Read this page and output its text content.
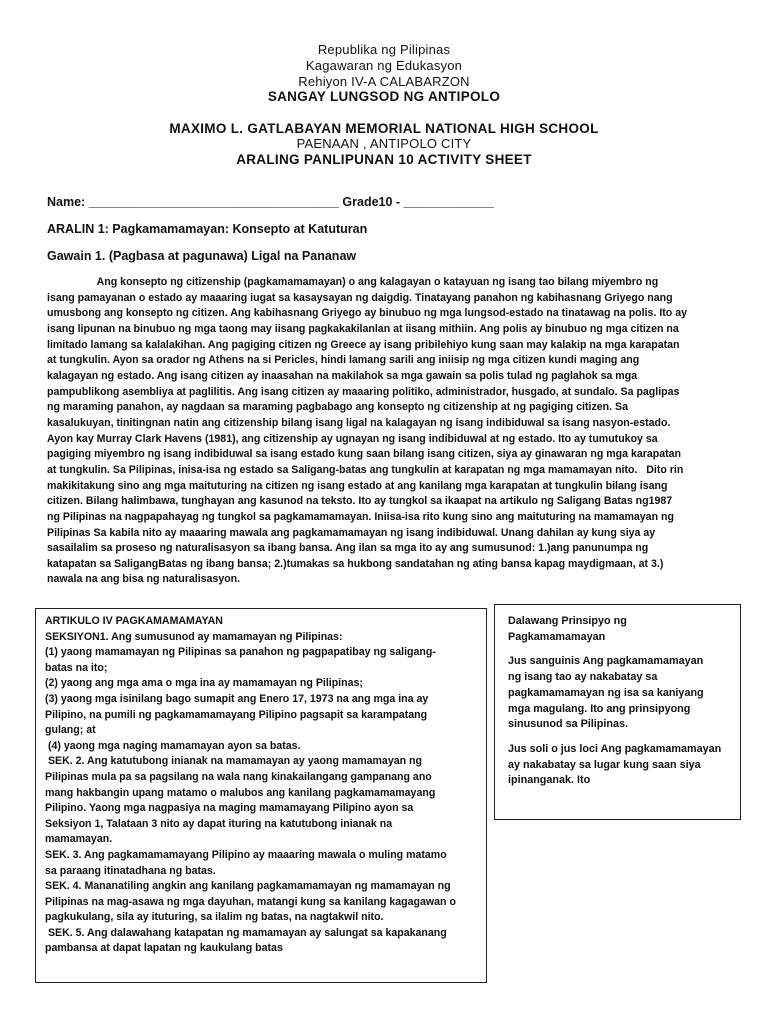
Republika ng Pilipinas
Kagawaran ng Edukasyon
Rehiyon IV-A CALABARZON
SANGAY LUNGSOD NG ANTIPOLO
MAXIMO L. GATLABAYAN MEMORIAL NATIONAL HIGH SCHOOL
PAENAAN , ANTIPOLO CITY
ARALING PANLIPUNAN 10 ACTIVITY SHEET
Name: ____________________________________ Grade10 - _____________
ARALIN 1: Pagkamamamayan: Konsepto at Katuturan
Gawain 1. (Pagbasa at pagunawa) Ligal na Pananaw
Ang konsepto ng citizenship (pagkamamamayan) o ang kalagayan o katayuan ng isang tao bilang miyembro ng
isang pamayanan o estado ay maaaring iugat sa kasaysayan ng daigdig. Tinatayang panahon ng kabihasnang Griyego nang
umusbong ang konsepto ng citizen. Ang kabihasnang Griyego ay binubuo ng mga lungsod-estado na tinatawag na polis. Ito ay
isang lipunan na binubuo ng mga taong may iisang pagkakakilanlan at iisang mithiin. Ang polis ay binubuo ng mga citizen na
limitado lamang sa kalalakihan. Ang pagiging citizen ng Greece ay isang pribilehiyo kung saan may kalakip na mga karapatan
at tungkulin. Ayon sa orador ng Athens na si Pericles, hindi lamang sarili ang iniisip ng mga citizen kundi maging ang
kalagayan ng estado. Ang isang citizen ay inaasahan na makilahok sa mga gawain sa polis tulad ng paglahok sa mga
pampublikong asembliya at paglilitis. Ang isang citizen ay maaaring politiko, administrador, husgado, at sundalo. Sa paglipas
ng maraming panahon, ay nagdaan sa maraming pagbabago ang konsepto ng citizenship at ng pagiging citizen. Sa
kasalukuyan, tinitingnan natin ang citizenship bilang isang ligal na kalagayan ng isang indibiduwal sa isang nasyon-estado.
Ayon kay Murray Clark Havens (1981), ang citizenship ay ugnayan ng isang indibiduwal at ng estado. Ito ay tumutukoy sa
pagiging miyembro ng isang indibiduwal sa isang estado kung saan bilang isang citizen, siya ay ginawaran ng mga karapatan
at tungkulin. Sa Pilipinas, inisa-isa ng estado sa Saligang-batas ang tungkulin at karapatan ng mga mamamayan nito.   Dito rin
makikitakung sino ang mga maituturing na citizen ng isang estado at ang kanilang mga karapatan at tungkulin bilang isang
citizen. Bilang halimbawa, tunghayan ang kasunod na teksto. Ito ay tungkol sa ikaapat na artikulo ng Saligang Batas ng1987
ng Pilipinas na nagpapahayag ng tungkol sa pagkamamamayan. Iniisa-isa rito kung sino ang maituturing na mamamayan ng
Pilipinas Sa kabila nito ay maaaring mawala ang pagkamamamayan ng isang indibiduwal. Unang dahilan ay kung siya ay
sasailalim sa proseso ng naturalisasyon sa ibang bansa. Ang ilan sa mga ito ay ang sumusunod: 1.)ang panunumpa ng
katapatan sa SaligangBatas ng ibang bansa; 2.)tumakas sa hukbong sandatahan ng ating bansa kapag maydigmaan, at 3.)
nawala na ang bisa ng naturalisasyon.
ARTIKULO IV PAGKAMAMAMAYAN
SEKSIYON1. Ang sumusunod ay mamamayan ng Pilipinas:
(1) yaong mamamayan ng Pilipinas sa panahon ng pagpapatibay ng saligang-
batas na ito;
(2) yaong ang mga ama o mga ina ay mamamayan ng Pilipinas;
(3) yaong mga isinilang bago sumapit ang Enero 17, 1973 na ang mga ina ay
Pilipino, na pumili ng pagkamamamayang Pilipino pagsapit sa karampatang
gulang; at
(4) yaong mga naging mamamayan ayon sa batas.
SEK. 2. Ang katutubong inianak na mamamayan ay yaong mamamayan ng
Pilipinas mula pa sa pagsilang na wala nang kinakailangang gampanang ano
mang hakbangin upang matamo o malubos ang kanilang pagkamamamayang
Pilipino. Yaong mga nagpasiya na maging mamamayang Pilipino ayon sa
Seksiyon 1, Talataan 3 nito ay dapat ituring na katutubong inianak na
mamamayan.
SEK. 3. Ang pagkamamamayang Pilipino ay maaaring mawala o muling matamo
sa paraang itinatadhana ng batas.
SEK. 4. Mananatiling angkin ang kanilang pagkamamamayan ng mamamayan ng
Pilipinas na mag-asawa ng mga dayuhan, matangi kung sa kanilang kagagawan o
pagkukulang, sila ay ituturing, sa ilalim ng batas, na nagtakwil nito.
SEK. 5. Ang dalawahang katapatan ng mamamayan ay salungat sa kapakanang
pambansa at dapat lapatan ng kaukulang batas
Dalawang Prinsipyo ng
Pagkamamamayan
Jus sanguinis Ang pagkamamamayan
ng isang tao ay nakabatay sa
pagkamamamayan ng isa sa kaniyang
mga magulang. Ito ang prinsipyong
sinusunod sa Pilipinas.
Jus soli o jus loci Ang pagkamamamayan
ay nakabatay sa lugar kung saan siya
ipinanganak. Ito
